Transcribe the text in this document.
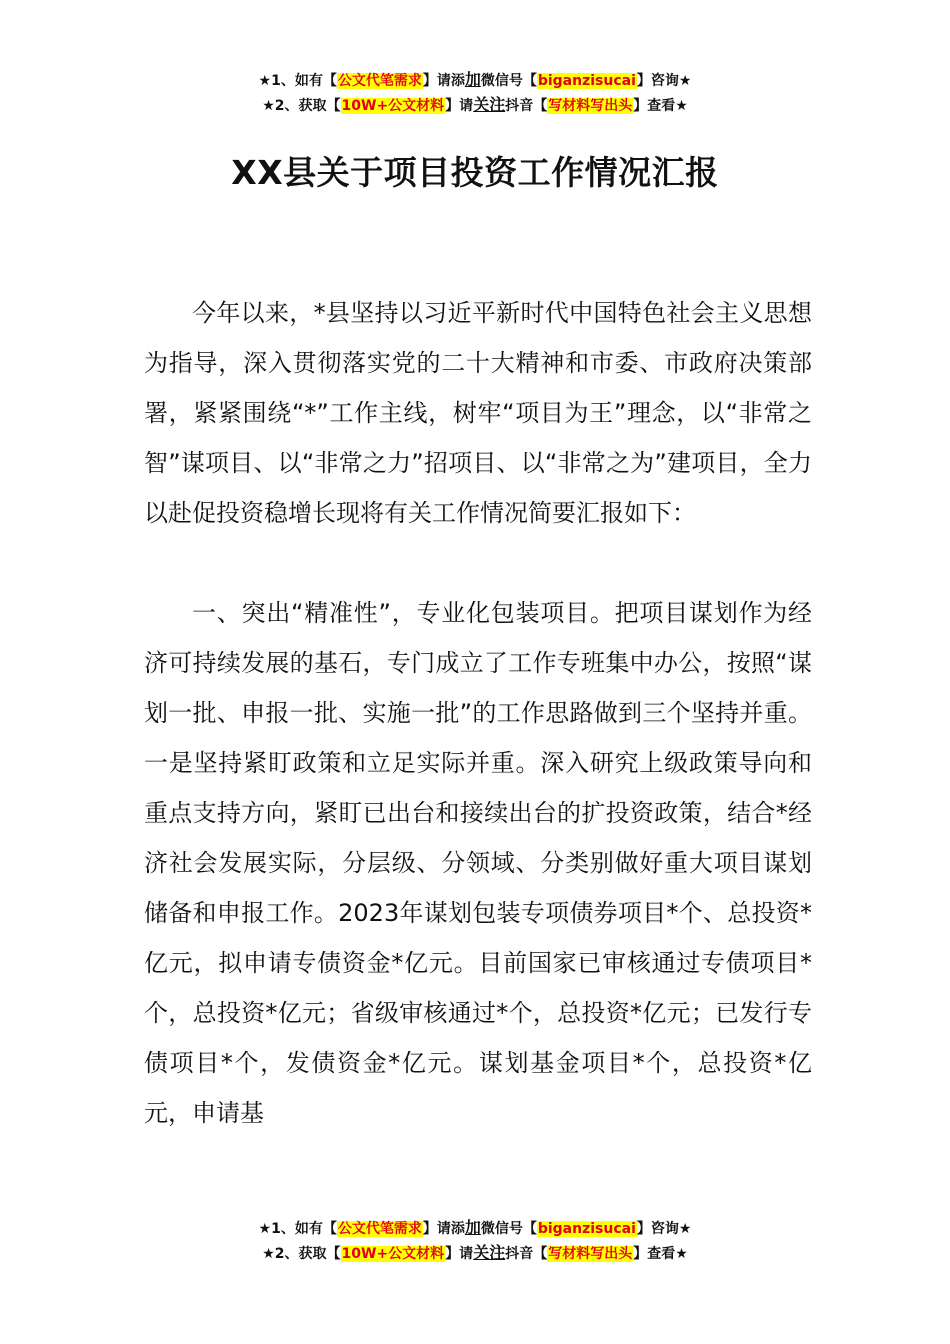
★1、如有【公文代笔需求】请添加微信号【biganzisucai】咨询★
★2、获取【10W+公文材料】请关注抖音【写材料写出头】查看★
XX县关于项目投资工作情况汇报

今年以来，*县坚持以习近平新时代中国特色社会主义思想为指导，深入贯彻落实党的二十大精神和市委、市政府决策部署，紧紧围绕“*”工作主线，树牢“项目为王”理念，以“非常之智”谋项目、以“非常之力”招项目、以“非常之为”建项目，全力以赴促投资稳增长现将有关工作情况简要汇报如下：

一、突出“精准性”，专业化包装项目。把项目谋划作为经济可持续发展的基石，专门成立了工作专班集中办公，按照“谋划一批、申报一批、实施一批”的工作思路做到三个坚持并重。一是坚持紧盯政策和立足实际并重。深入研究上级政策导向和重点支持方向，紧盯已出台和接续出台的扩投资政策，结合*经济社会发展实际，分层级、分领域、分类别做好重大项目谋划储备和申报工作。2023年谋划包装专项债券项目*个、总投资*亿元，拟申请专债资金*亿元。目前国家已审核通过专债项目*个，总投资*亿元；省级审核通过*个，总投资*亿元；已发行专债项目*个，发债资金*亿元。谋划基金项目*个，总投资*亿元，申请基

★1、如有【公文代笔需求】请添加微信号【biganzisucai】咨询★
★2、获取【10W+公文材料】请关注抖音【写材料写出头】查看★
